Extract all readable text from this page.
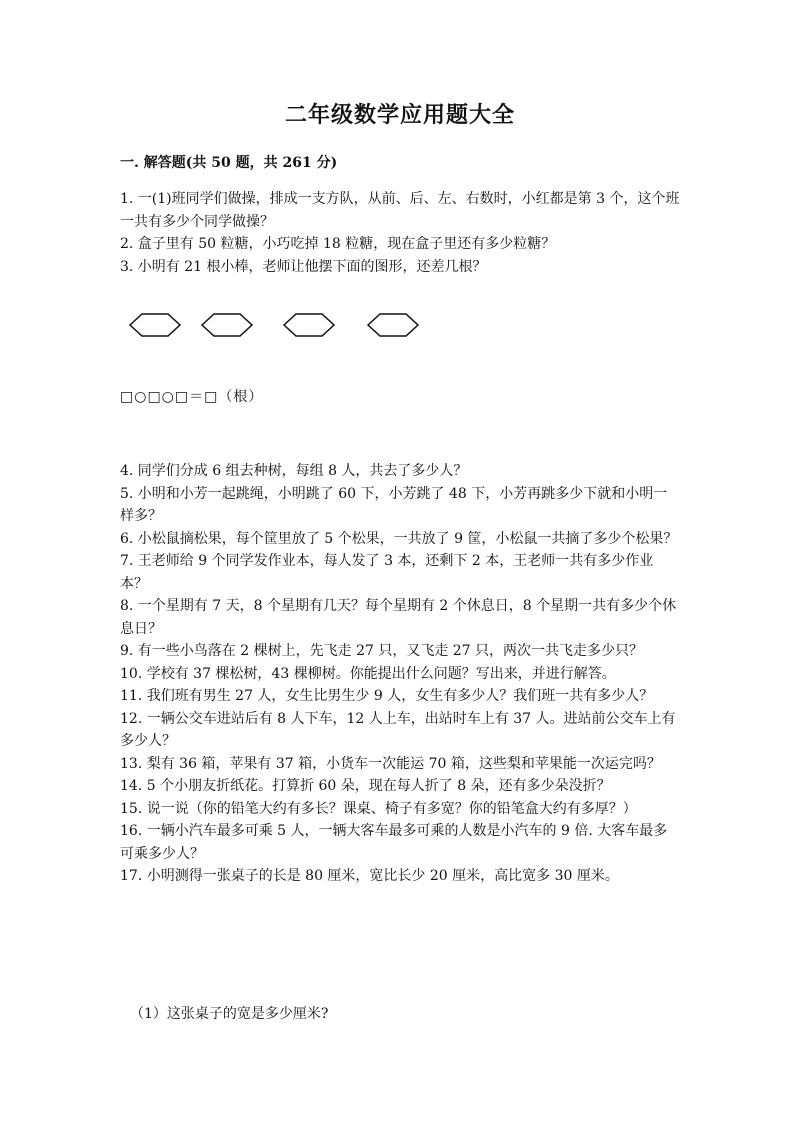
二年级数学应用题大全
一. 解答题(共 50 题，共 261 分)

1. 一(1)班同学们做操，排成一支方队，从前、后、左、右数时，小红都是第 3 个，这个班一共有多少个同学做操？

2. 盒子里有 50 粒糖，小巧吃掉 18 粒糖，现在盒子里还有多少粒糖？

3. 小明有 21 根小棒，老师让他摆下面的图形，还差几根？

□○□○□＝□（根）

4. 同学们分成 6 组去种树，每组 8 人，共去了多少人？

5. 小明和小芳一起跳绳，小明跳了 60 下，小芳跳了 48 下，小芳再跳多少下就和小明一样多？

6. 小松鼠摘松果，每个筐里放了 5 个松果，一共放了 9 筐，小松鼠一共摘了多少个松果？

7. 王老师给 9 个同学发作业本，每人发了 3 本，还剩下 2 本，王老师一共有多少作业本？

8. 一个星期有 7 天，8 个星期有几天？每个星期有 2 个休息日，8 个星期一共有多少个休息日？

9. 有一些小鸟落在 2 棵树上，先飞走 27 只，又飞走 27 只，两次一共飞走多少只？

10. 学校有 37 棵松树，43 棵柳树。你能提出什么问题？写出来，并进行解答。

11. 我们班有男生 27 人，女生比男生少 9 人，女生有多少人？我们班一共有多少人？

12. 一辆公交车进站后有 8 人下车，12 人上车，出站时车上有 37 人。进站前公交车上有多少人？

13. 梨有 36 箱，苹果有 37 箱，小货车一次能运 70 箱，这些梨和苹果能一次运完吗？

14. 5 个小朋友折纸花。打算折 60 朵，现在每人折了 8 朵，还有多少朵没折？

15. 说一说（你的铅笔大约有多长？课桌、椅子有多宽？你的铅笔盒大约有多厚？）

16. 一辆小汽车最多可乘 5 人，一辆大客车最多可乘的人数是小汽车的 9 倍. 大客车最多可乘多少人？

17. 小明测得一张桌子的长是 80 厘米，宽比长少 20 厘米，高比宽多 30 厘米。

（1）这张桌子的宽是多少厘米?
